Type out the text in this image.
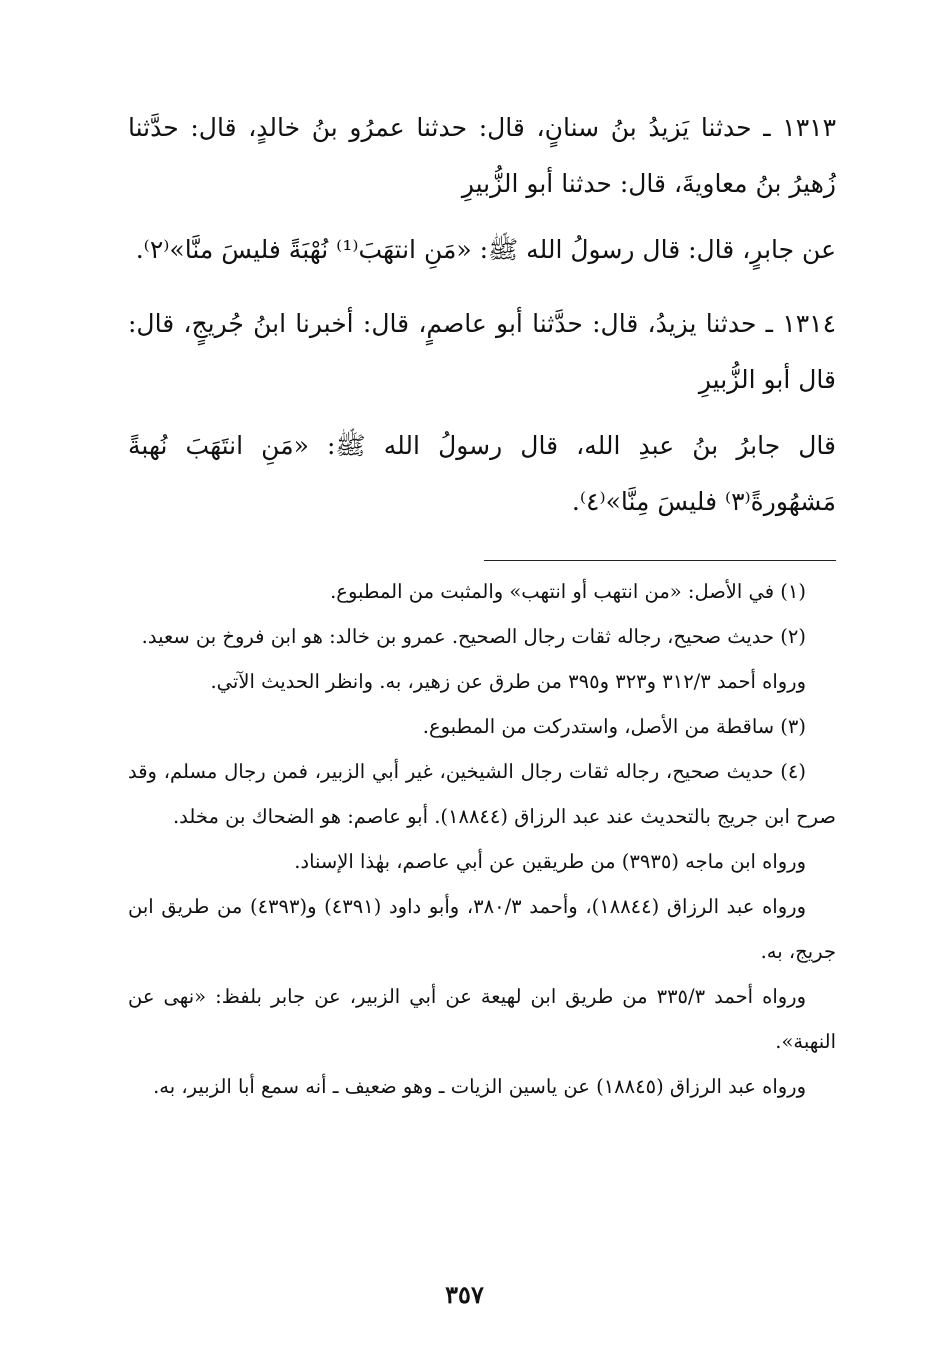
١٣١٣ ـ حدثنا يَزيدُ بنُ سنانٍ، قال: حدثنا عمرُو بنُ خالدٍ، قال: حدَّثنا زُهيرُ بنُ معاويةَ، قال: حدثنا أبو الزُّبيرِ
عن جابرٍ، قال: قال رسولُ الله ﷺ: «مَنِ انتهَبَ⁽¹⁾ نُهْبَةً فليسَ منَّا»⁽٢⁾.
١٣١٤ ـ حدثنا يزيدُ، قال: حدَّثنا أبو عاصمٍ، قال: أخبرنا ابنُ جُريجٍ، قال: قال أبو الزُّبيرِ
قال جابرُ بنُ عبدِ الله، قال رسولُ الله ﷺ: «مَنِ انتَهَبَ نُهبةً مَشهُورةً⁽٣⁾ فليسَ مِنَّا»⁽٤⁾.
(١) في الأصل: «من انتهب أو انتهب» والمثبت من المطبوع.
(٢) حديث صحيح، رجاله ثقات رجال الصحيح. عمرو بن خالد: هو ابن فروخ بن سعيد.
ورواه أحمد ٣١٢/٣ و٣٢٣ و٣٩٥ من طرق عن زهير، به. وانظر الحديث الآتي.
(٣) ساقطة من الأصل، واستدركت من المطبوع.
(٤) حديث صحيح، رجاله ثقات رجال الشيخين، غير أبي الزبير، فمن رجال مسلم، وقد صرح ابن جريج بالتحديث عند عبد الرزاق (١٨٨٤٤). أبو عاصم: هو الضحاك بن مخلد.
ورواه ابن ماجه (٣٩٣٥) من طريقين عن أبي عاصم، بهٰذا الإسناد.
ورواه عبد الرزاق (١٨٨٤٤)، وأحمد ٣٨٠/٣، وأبو داود (٤٣٩١) و(٤٣٩٣) من طريق ابن جريج، به.
ورواه أحمد ٣٣٥/٣ من طريق ابن لهيعة عن أبي الزبير، عن جابر بلفظ: «نهى عن النهبة».
ورواه عبد الرزاق (١٨٨٤٥) عن ياسين الزيات ـ وهو ضعيف ـ أنه سمع أبا الزبير، به.
٣٥٧
